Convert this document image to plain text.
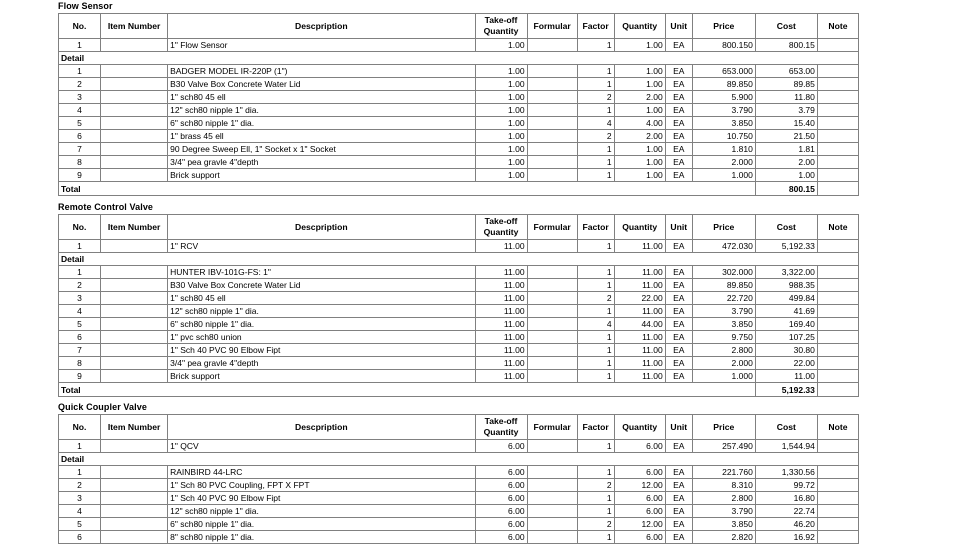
Flow Sensor
No.	Item Number	Descpription	Take-off
Quantity	Formular	Factor	Quantity	Unit	Price	Cost	Note
1		1" Flow Sensor	1.00		1	1.00	EA	800.150	800.15	
Detail										
1		BADGER MODEL IR-220P (1")	1.00		1	1.00	EA	653.000	653.00	
2		B30 Valve Box Concrete Water Lid	1.00		1	1.00	EA	89.850	89.85	
3		1" sch80 45 ell	1.00		2	2.00	EA	5.900	11.80	
4		12" sch80 nipple 1" dia.	1.00		1	1.00	EA	3.790	3.79	
5		6" sch80 nipple 1" dia.	1.00		4	4.00	EA	3.850	15.40	
6		1" brass 45 ell	1.00		2	2.00	EA	10.750	21.50	
7		90 Degree Sweep Ell, 1" Socket x 1" Socket	1.00		1	1.00	EA	1.810	1.81	
8		3/4" pea gravle 4"depth	1.00		1	1.00	EA	2.000	2.00	
9		Brick support	1.00		1	1.00	EA	1.000	1.00	
Total									800.15	
Remote Control Valve
No.	Item Number	Descpription	Take-off
Quantity	Formular	Factor	Quantity	Unit	Price	Cost	Note
1		1" RCV	11.00		1	11.00	EA	472.030	5,192.33	
Detail										
1		HUNTER IBV-101G-FS: 1"	11.00		1	11.00	EA	302.000	3,322.00	
2		B30 Valve Box Concrete Water Lid	11.00		1	11.00	EA	89.850	988.35	
3		1" sch80 45 ell	11.00		2	22.00	EA	22.720	499.84	
4		12" sch80 nipple 1" dia.	11.00		1	11.00	EA	3.790	41.69	
5		6" sch80 nipple 1" dia.	11.00		4	44.00	EA	3.850	169.40	
6		1" pvc sch80 union	11.00		1	11.00	EA	9.750	107.25	
7		1" Sch 40 PVC 90 Elbow Fipt	11.00		1	11.00	EA	2.800	30.80	
8		3/4" pea gravle 4"depth	11.00		1	11.00	EA	2.000	22.00	
9		Brick support	11.00		1	11.00	EA	1.000	11.00	
Total									5,192.33	
Quick Coupler Valve
No.	Item Number	Descpription	Take-off
Quantity	Formular	Factor	Quantity	Unit	Price	Cost	Note
1		1" QCV	6.00		1	6.00	EA	257.490	1,544.94	
Detail										
1		RAINBIRD 44-LRC	6.00		1	6.00	EA	221.760	1,330.56	
2		1" Sch 80 PVC Coupling, FPT X FPT	6.00		2	12.00	EA	8.310	99.72	
3		1" Sch 40 PVC 90 Elbow Fipt	6.00		1	6.00	EA	2.800	16.80	
4		12" sch80 nipple 1" dia.	6.00		1	6.00	EA	3.790	22.74	
5		6" sch80 nipple 1" dia.	6.00		2	12.00	EA	3.850	46.20	
6		8" sch80 nipple 1" dia.	6.00		1	6.00	EA	2.820	16.92	
